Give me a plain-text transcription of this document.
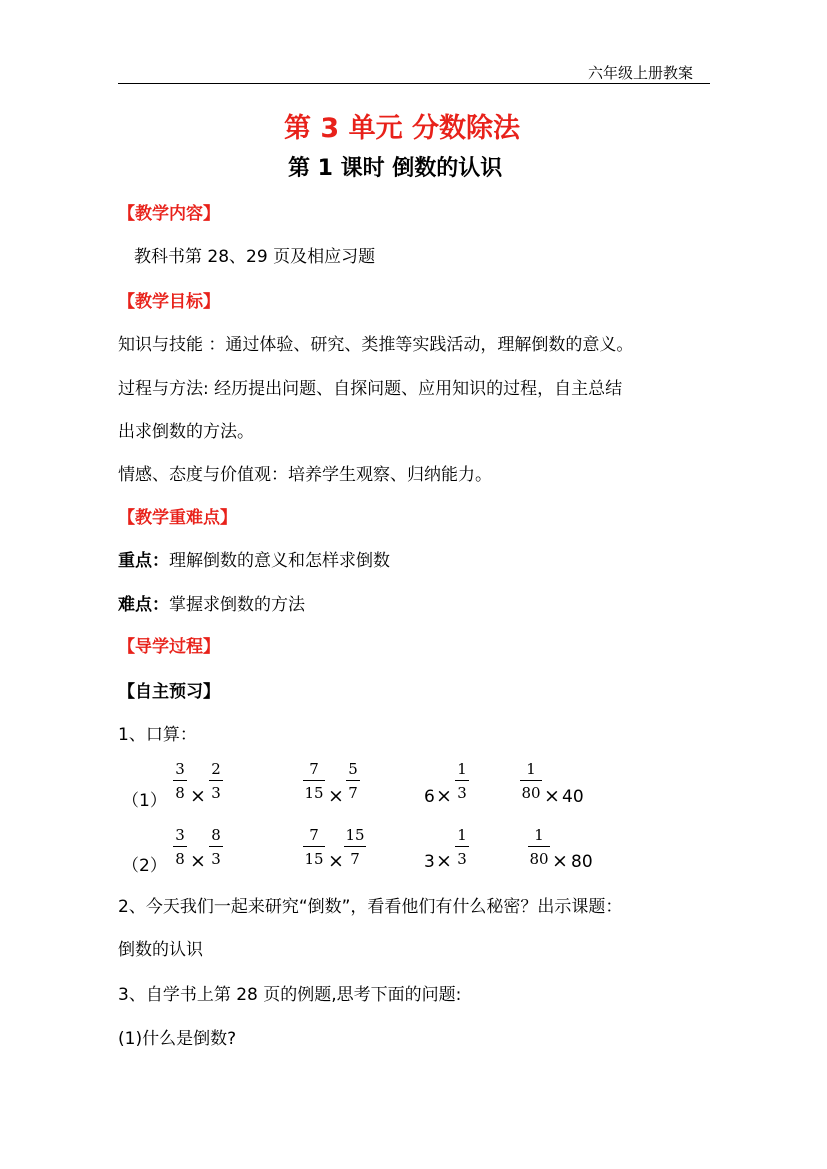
六年级上册教案
第 3 单元 分数除法
第 1 课时 倒数的认识
【教学内容】
教科书第 28、29 页及相应习题
【教学目标】
知识与技能 ：通过体验、研究、类推等实践活动，理解倒数的意义。
过程与方法: 经历提出问题、自探问题、应用知识的过程，自主总结
出求倒数的方法。
情感、态度与价值观：培养学生观察、归纳能力。
【教学重难点】
重点：理解倒数的意义和怎样求倒数
难点：掌握求倒数的方法
【导学过程】
【自主预习】
1、口算：
（1）
3
8 ×
2
3
7
15 ×
5
7	6 ×
1
3
1
80 × 40
（2）
3
8 ×
8
3
7
15 ×
15
7	3 ×
1
3
1
80 × 80
2、今天我们一起来研究“倒数”，看看他们有什么秘密？出示课题：
倒数的认识
3、自学书上第 28 页的例题,思考下面的问题:
(1)什么是倒数?
